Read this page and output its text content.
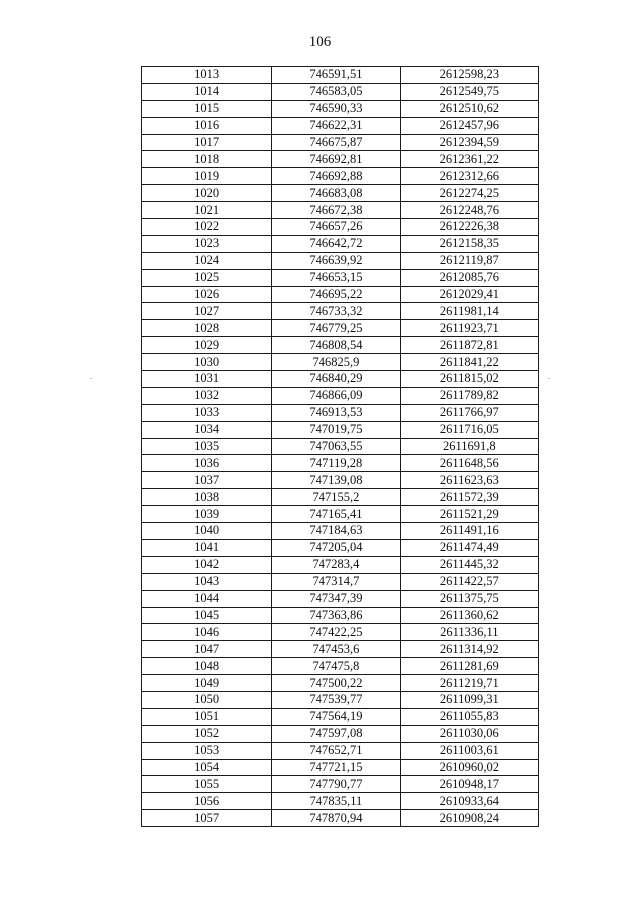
106
1013	746591,51	2612598,23
1014	746583,05	2612549,75
1015	746590,33	2612510,62
1016	746622,31	2612457,96
1017	746675,87	2612394,59
1018	746692,81	2612361,22
1019	746692,88	2612312,66
1020	746683,08	2612274,25
1021	746672,38	2612248,76
1022	746657,26	2612226,38
1023	746642,72	2612158,35
1024	746639,92	2612119,87
1025	746653,15	2612085,76
1026	746695,22	2612029,41
1027	746733,32	2611981,14
1028	746779,25	2611923,71
1029	746808,54	2611872,81
1030	746825,9	2611841,22
1031	746840,29	2611815,02
1032	746866,09	2611789,82
1033	746913,53	2611766,97
1034	747019,75	2611716,05
1035	747063,55	2611691,8
1036	747119,28	2611648,56
1037	747139,08	2611623,63
1038	747155,2	2611572,39
1039	747165,41	2611521,29
1040	747184,63	2611491,16
1041	747205,04	2611474,49
1042	747283,4	2611445,32
1043	747314,7	2611422,57
1044	747347,39	2611375,75
1045	747363,86	2611360,62
1046	747422,25	2611336,11
1047	747453,6	2611314,92
1048	747475,8	2611281,69
1049	747500,22	2611219,71
1050	747539,77	2611099,31
1051	747564,19	2611055,83
1052	747597,08	2611030,06
1053	747652,71	2611003,61
1054	747721,15	2610960,02
1055	747790,77	2610948,17
1056	747835,11	2610933,64
1057	747870,94	2610908,24
